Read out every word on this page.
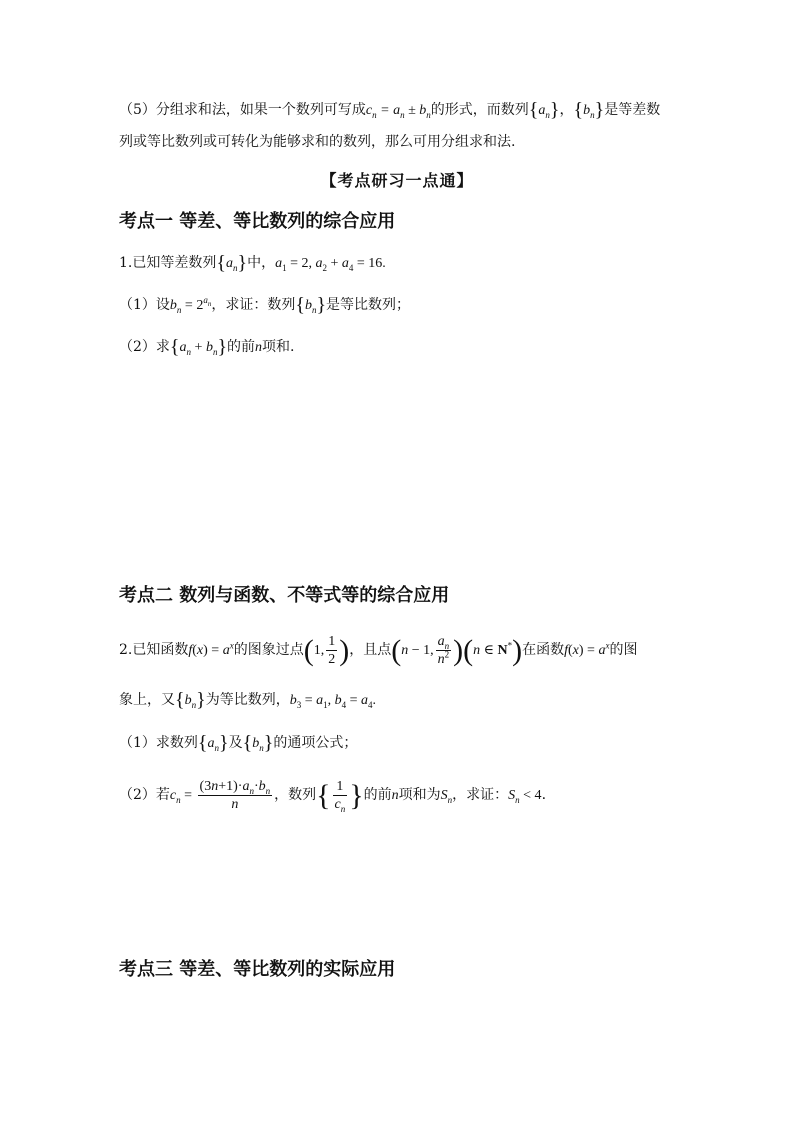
（5）分组求和法，如果一个数列可写成$c_n = a_n \pm b_n$的形式，而数列$\{a_n\}$，$\{b_n\}$是等差数
列或等比数列或可转化为能够求和的数列，那么可用分组求和法.
【考点研习一点通】
考点一 等差、等比数列的综合应用
1.已知等差数列$\{a_n\}$中，$a_1 = 2$, $a_2 + a_4 = 16$.
（1）设$b_n = 2^{a_n}$，求证：数列$\{b_n\}$是等比数列；
（2）求$\{a_n + b_n\}$的前n项和.
考点二 数列与函数、不等式等的综合应用
2.已知函数$f(x) = a^x$的图象过点(1, $\frac{1}{2}$ )，且点(n − 1, $\frac{a_n}{n^2} )(n$ ∈ N*)在函数$f(x) = a^x$的图
象上，又$\{b_n\}$为等比数列，$b_3 = a_1$, $b_4 = a_4$.
（1）求数列$\{a_n\}$及$\{b_n\}$的通项公式；
（2）若$c_n = \frac{(3n+1)\cdot a_n\cdot b_n}{n}$ ，数列{ $\frac{1}{c_n}$ }的前n项和为$S_n$，求证：$S_n < 4$.
考点三 等差、等比数列的实际应用
